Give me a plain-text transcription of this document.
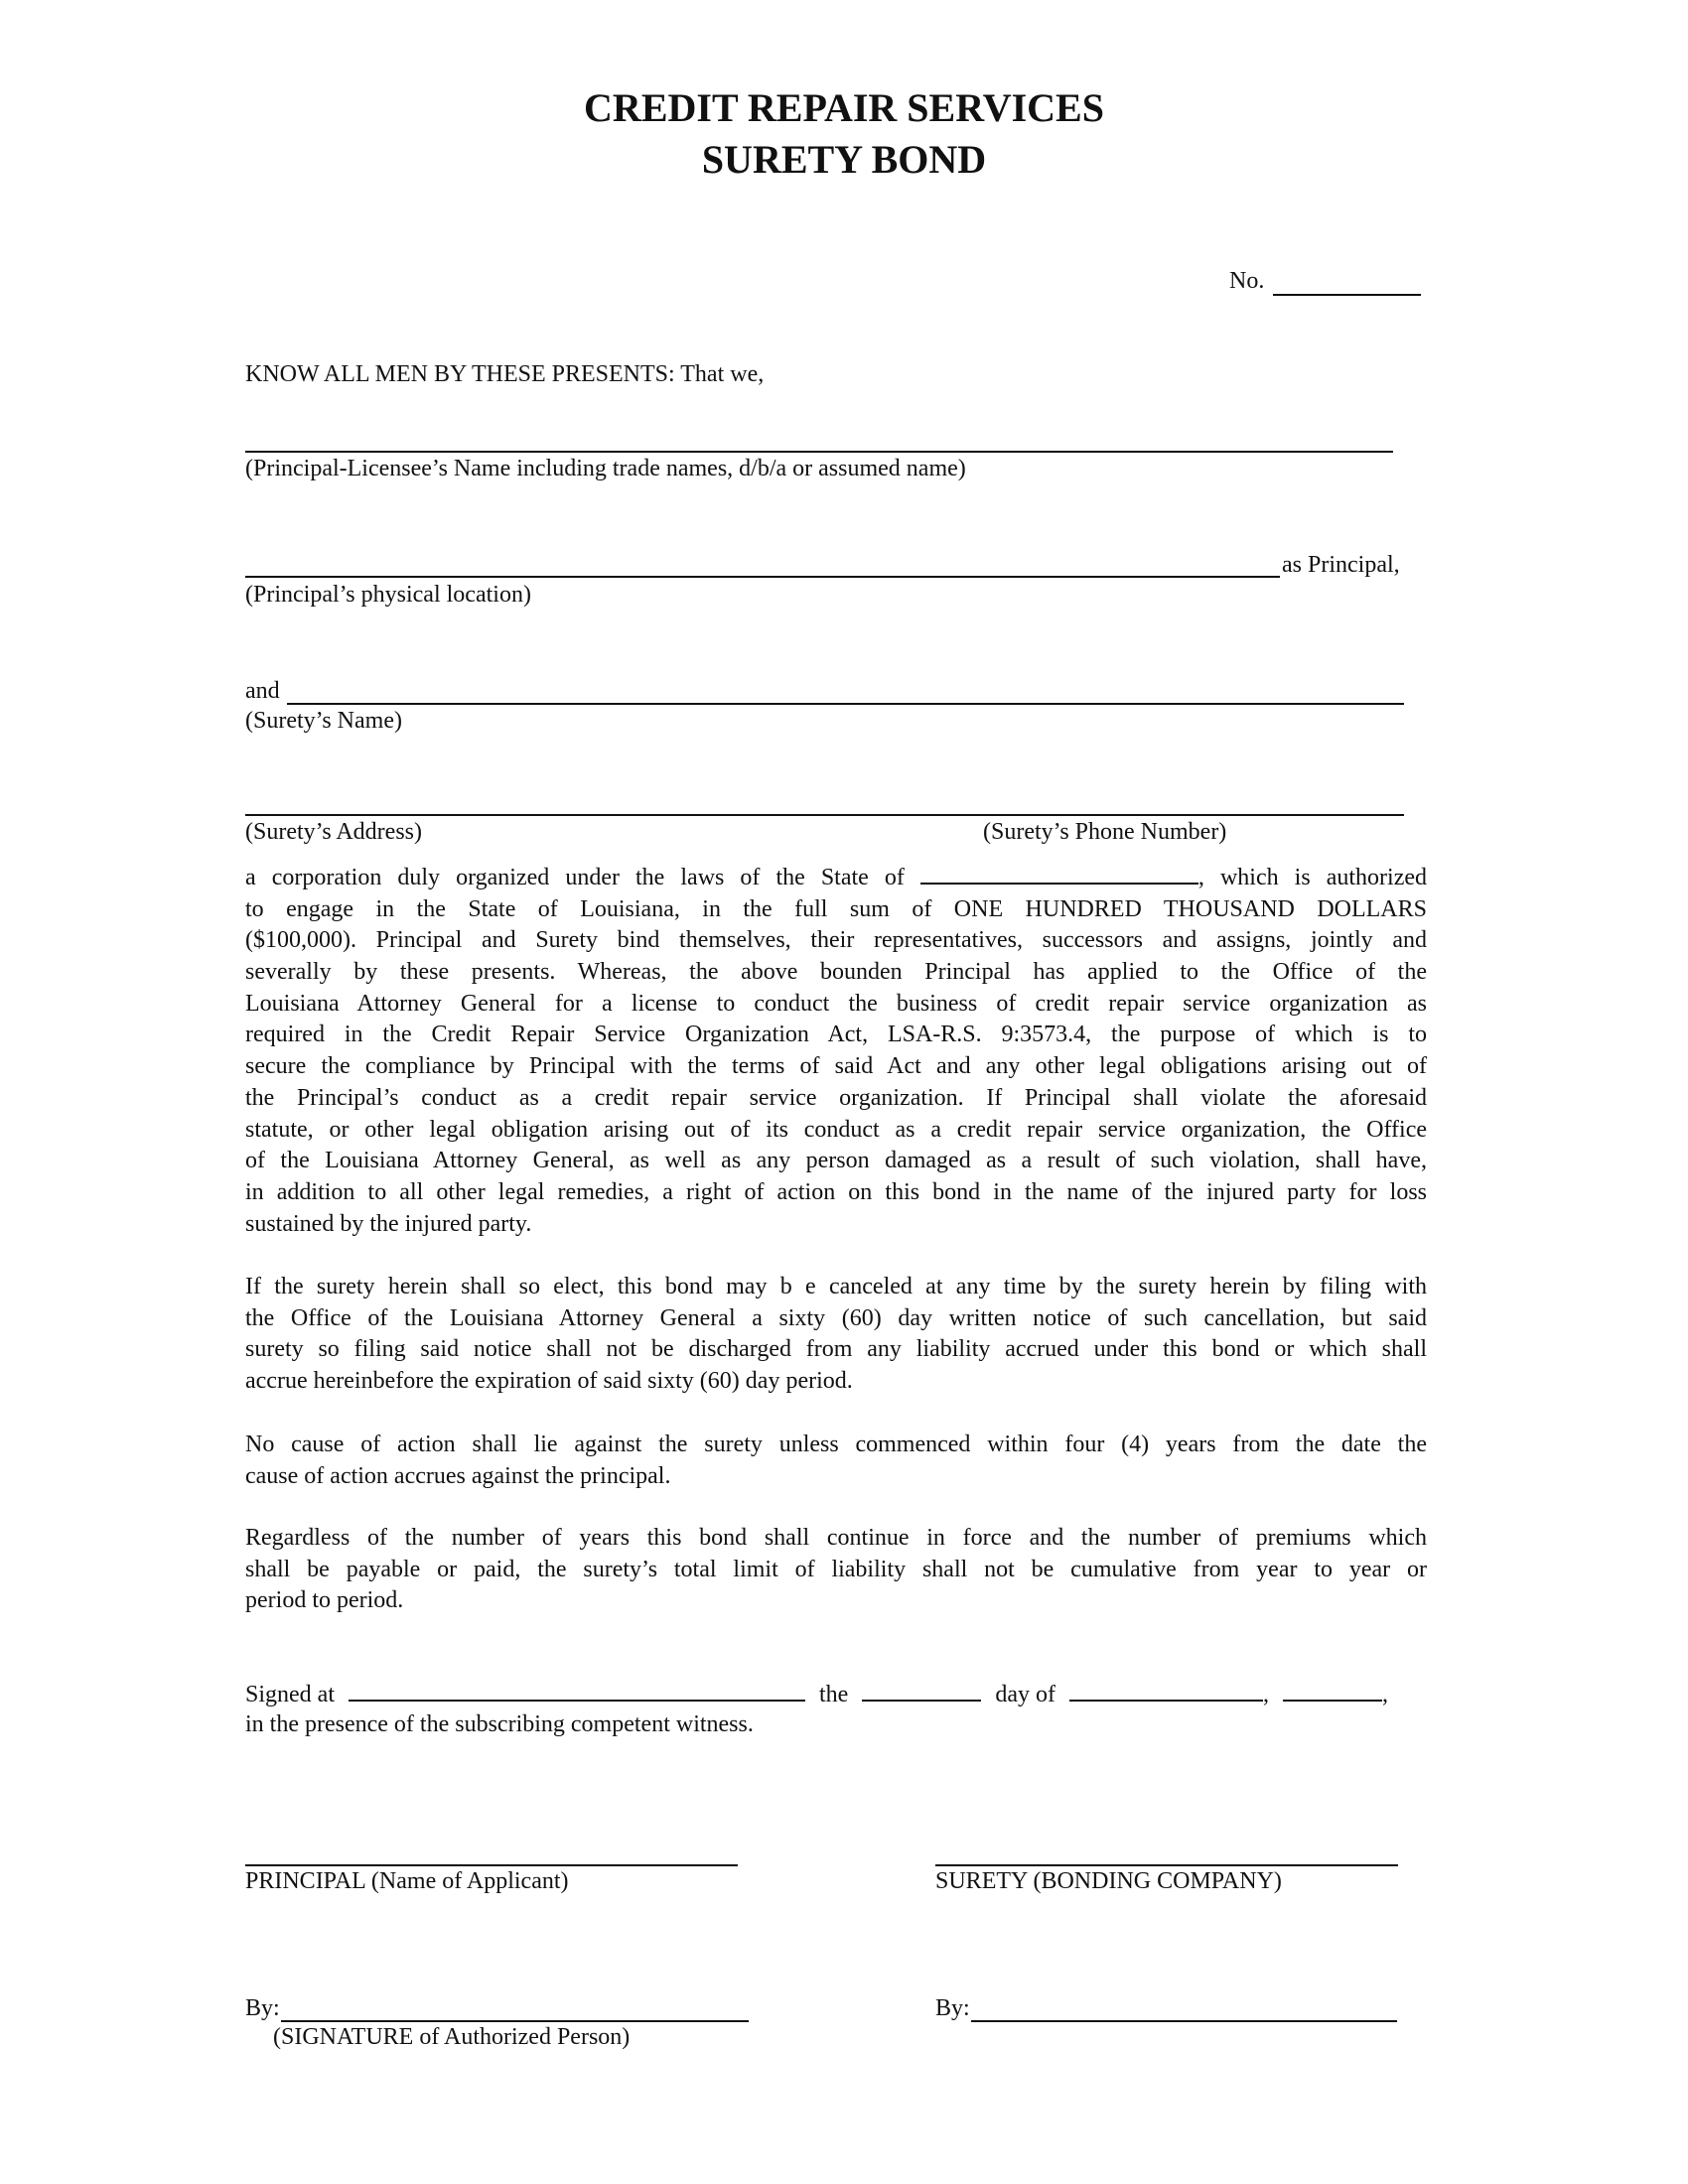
CREDIT REPAIR SERVICES
SURETY BOND
No.
KNOW ALL MEN BY THESE PRESENTS: That we,
(Principal-Licensee’s Name including trade names, d/b/a or assumed name)
as Principal,
(Principal’s physical location)
and
(Surety’s Name)
(Surety’s Address)	(Surety’s Phone Number)
a corporation duly organized under the laws of the State of	, which is authorized
to engage in the State of Louisiana, in the full sum of ONE HUNDRED THOUSAND DOLLARS
($100,000). Principal and Surety bind themselves, their representatives, successors and assigns, jointly and
severally by these presents. Whereas, the above bounden Principal has applied to the Office of the
Louisiana Attorney General for a license to conduct the business of credit repair service organization as
required in the Credit Repair Service Organization Act, LSA-R.S. 9:3573.4, the purpose of which is to
secure the compliance by Principal with the terms of said Act and any other legal obligations arising out of
the Principal’s conduct as a credit repair service organization. If Principal shall violate the aforesaid
statute, or other legal obligation arising out of its conduct as a credit repair service organization, the Office
of the Louisiana Attorney General, as well as any person damaged as a result of such violation, shall have,
in addition to all other legal remedies, a right of action on this bond in the name of the injured party for loss
sustained by the injured party.
If the surety herein shall so elect, this bond may b e canceled at any time by the surety herein by filing with
the Office of the Louisiana Attorney General a sixty (60) day written notice of such cancellation, but said
surety so filing said notice shall not be discharged from any liability accrued under this bond or which shall
accrue hereinbefore the expiration of said sixty (60) day period.
No cause of action shall lie against the surety unless commenced within four (4) years from the date the
cause of action accrues against the principal.
Regardless of the number of years this bond shall continue in force and the number of premiums which
shall be payable or paid, the surety’s total limit of liability shall not be cumulative from year to year or
period to period.
Signed at	the	day of	,	,
in the presence of the subscribing competent witness.
PRINCIPAL (Name of Applicant)	SURETY (BONDING COMPANY)
By:	By:
(SIGNATURE of Authorized Person)
